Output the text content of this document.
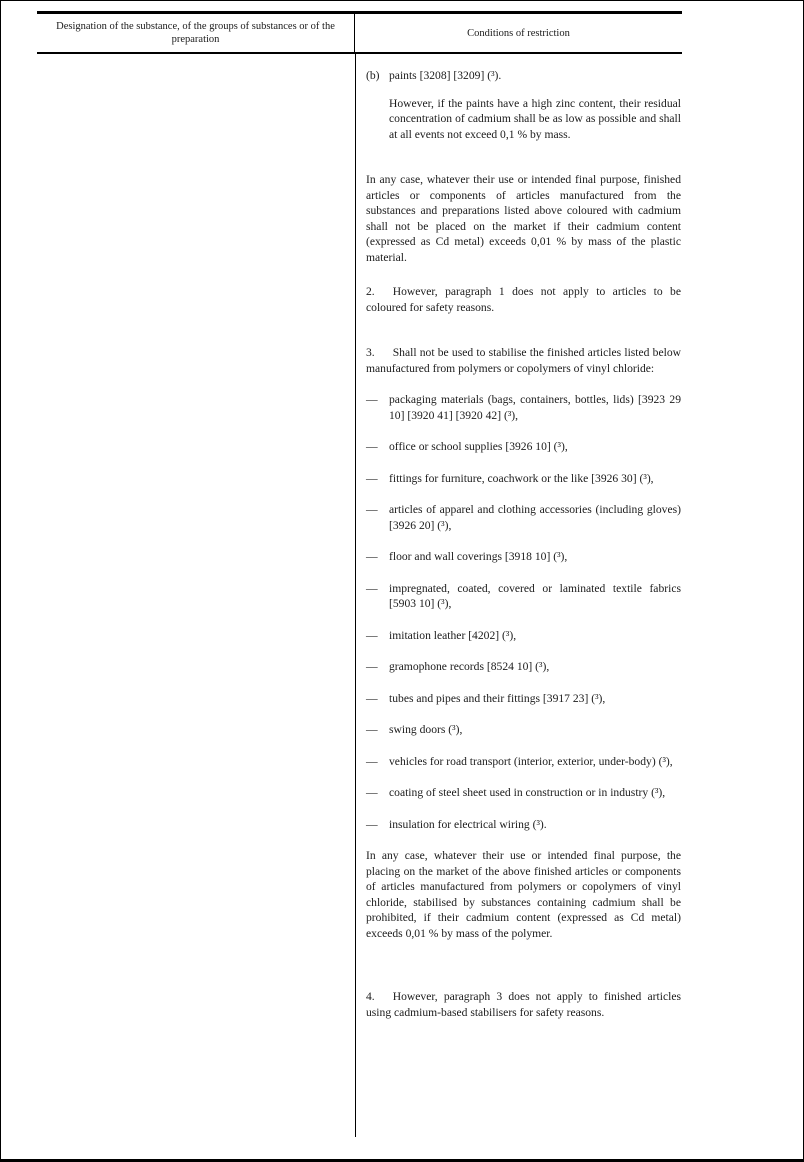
Designation of the substance, of the groups of substances or of the preparation
Conditions of restriction
(b) paints [3208] [3209] (³).
However, if the paints have a high zinc content, their residual concentration of cadmium shall be as low as possible and shall at all events not exceed 0,1 % by mass.
In any case, whatever their use or intended final purpose, finished articles or components of articles manufactured from the substances and preparations listed above coloured with cadmium shall not be placed on the market if their cadmium content (expressed as Cd metal) exceeds 0,01 % by mass of the plastic material.
2. However, paragraph 1 does not apply to articles to be coloured for safety reasons.
3. Shall not be used to stabilise the finished articles listed below manufactured from polymers or copolymers of vinyl chloride:
— packaging materials (bags, containers, bottles, lids) [3923 29 10] [3920 41] [3920 42] (³),
— office or school supplies [3926 10] (³),
— fittings for furniture, coachwork or the like [3926 30] (³),
— articles of apparel and clothing accessories (including gloves) [3926 20] (³),
— floor and wall coverings [3918 10] (³),
— impregnated, coated, covered or laminated textile fabrics [5903 10] (³),
— imitation leather [4202] (³),
— gramophone records [8524 10] (³),
— tubes and pipes and their fittings [3917 23] (³),
— swing doors (³),
— vehicles for road transport (interior, exterior, under-body) (³),
— coating of steel sheet used in construction or in industry (³),
— insulation for electrical wiring (³).
In any case, whatever their use or intended final purpose, the placing on the market of the above finished articles or components of articles manufactured from polymers or copolymers of vinyl chloride, stabilised by substances containing cadmium shall be prohibited, if their cadmium content (expressed as Cd metal) exceeds 0,01 % by mass of the polymer.
4. However, paragraph 3 does not apply to finished articles using cadmium-based stabilisers for safety reasons.
